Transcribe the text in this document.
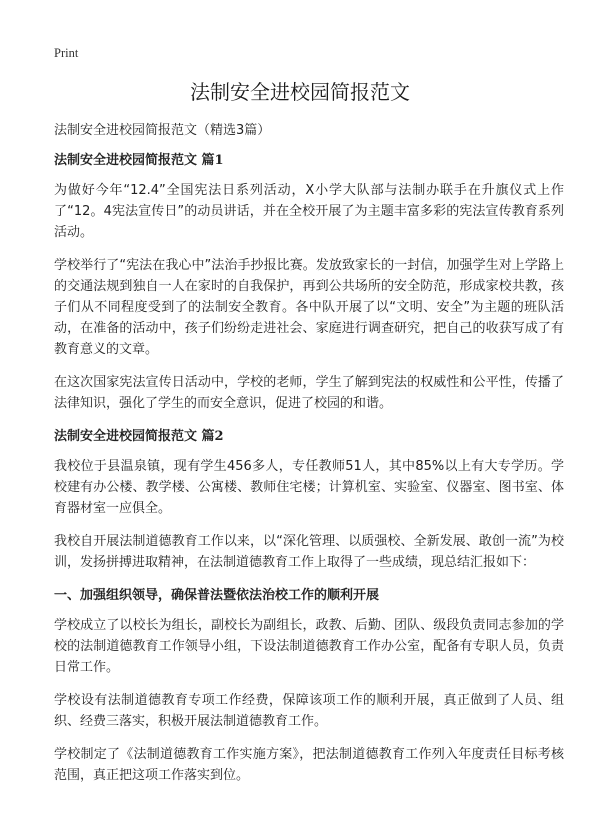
Print
法制安全进校园简报范文

法制安全进校园简报范文（精选3篇）

法制安全进校园简报范文 篇1

为做好今年“12.4”全国宪法日系列活动，X小学大队部与法制办联手在升旗仪式上作了“12。4宪法宣传日”的动员讲话，并在全校开展了为主题丰富多彩的宪法宣传教育系列活动。

学校举行了“宪法在我心中”法治手抄报比赛。发放致家长的一封信，加强学生对上学路上的交通法规到独自一人在家时的自我保护，再到公共场所的安全防范，形成家校共教，孩子们从不同程度受到了的法制安全教育。各中队开展了以“文明、安全”为主题的班队活动，在准备的活动中，孩子们纷纷走进社会、家庭进行调查研究，把自己的收获写成了有教育意义的文章。

在这次国家宪法宣传日活动中，学校的老师，学生了解到宪法的权威性和公平性，传播了法律知识，强化了学生的而安全意识，促进了校园的和谐。

法制安全进校园简报范文 篇2

我校位于县温泉镇，现有学生456多人，专任教师51人，其中85%以上有大专学历。学校建有办公楼、教学楼、公寓楼、教师住宅楼；计算机室、实验室、仪器室、图书室、体育器材室一应俱全。

我校自开展法制道德教育工作以来，以“深化管理、以质强校、全新发展、敢创一流”为校训，发扬拼搏进取精神，在法制道德教育工作上取得了一些成绩，现总结汇报如下：

一、加强组织领导，确保普法暨依法治校工作的顺利开展

学校成立了以校长为组长，副校长为副组长，政教、后勤、团队、级段负责同志参加的学校的法制道德教育工作领导小组，下设法制道德教育工作办公室，配备有专职人员，负责日常工作。

学校设有法制道德教育专项工作经费，保障该项工作的顺利开展，真正做到了人员、组织、经费三落实，积极开展法制道德教育工作。

学校制定了《法制道德教育工作实施方案》，把法制道德教育工作列入年度责任目标考核范围，真正把这项工作落实到位。
